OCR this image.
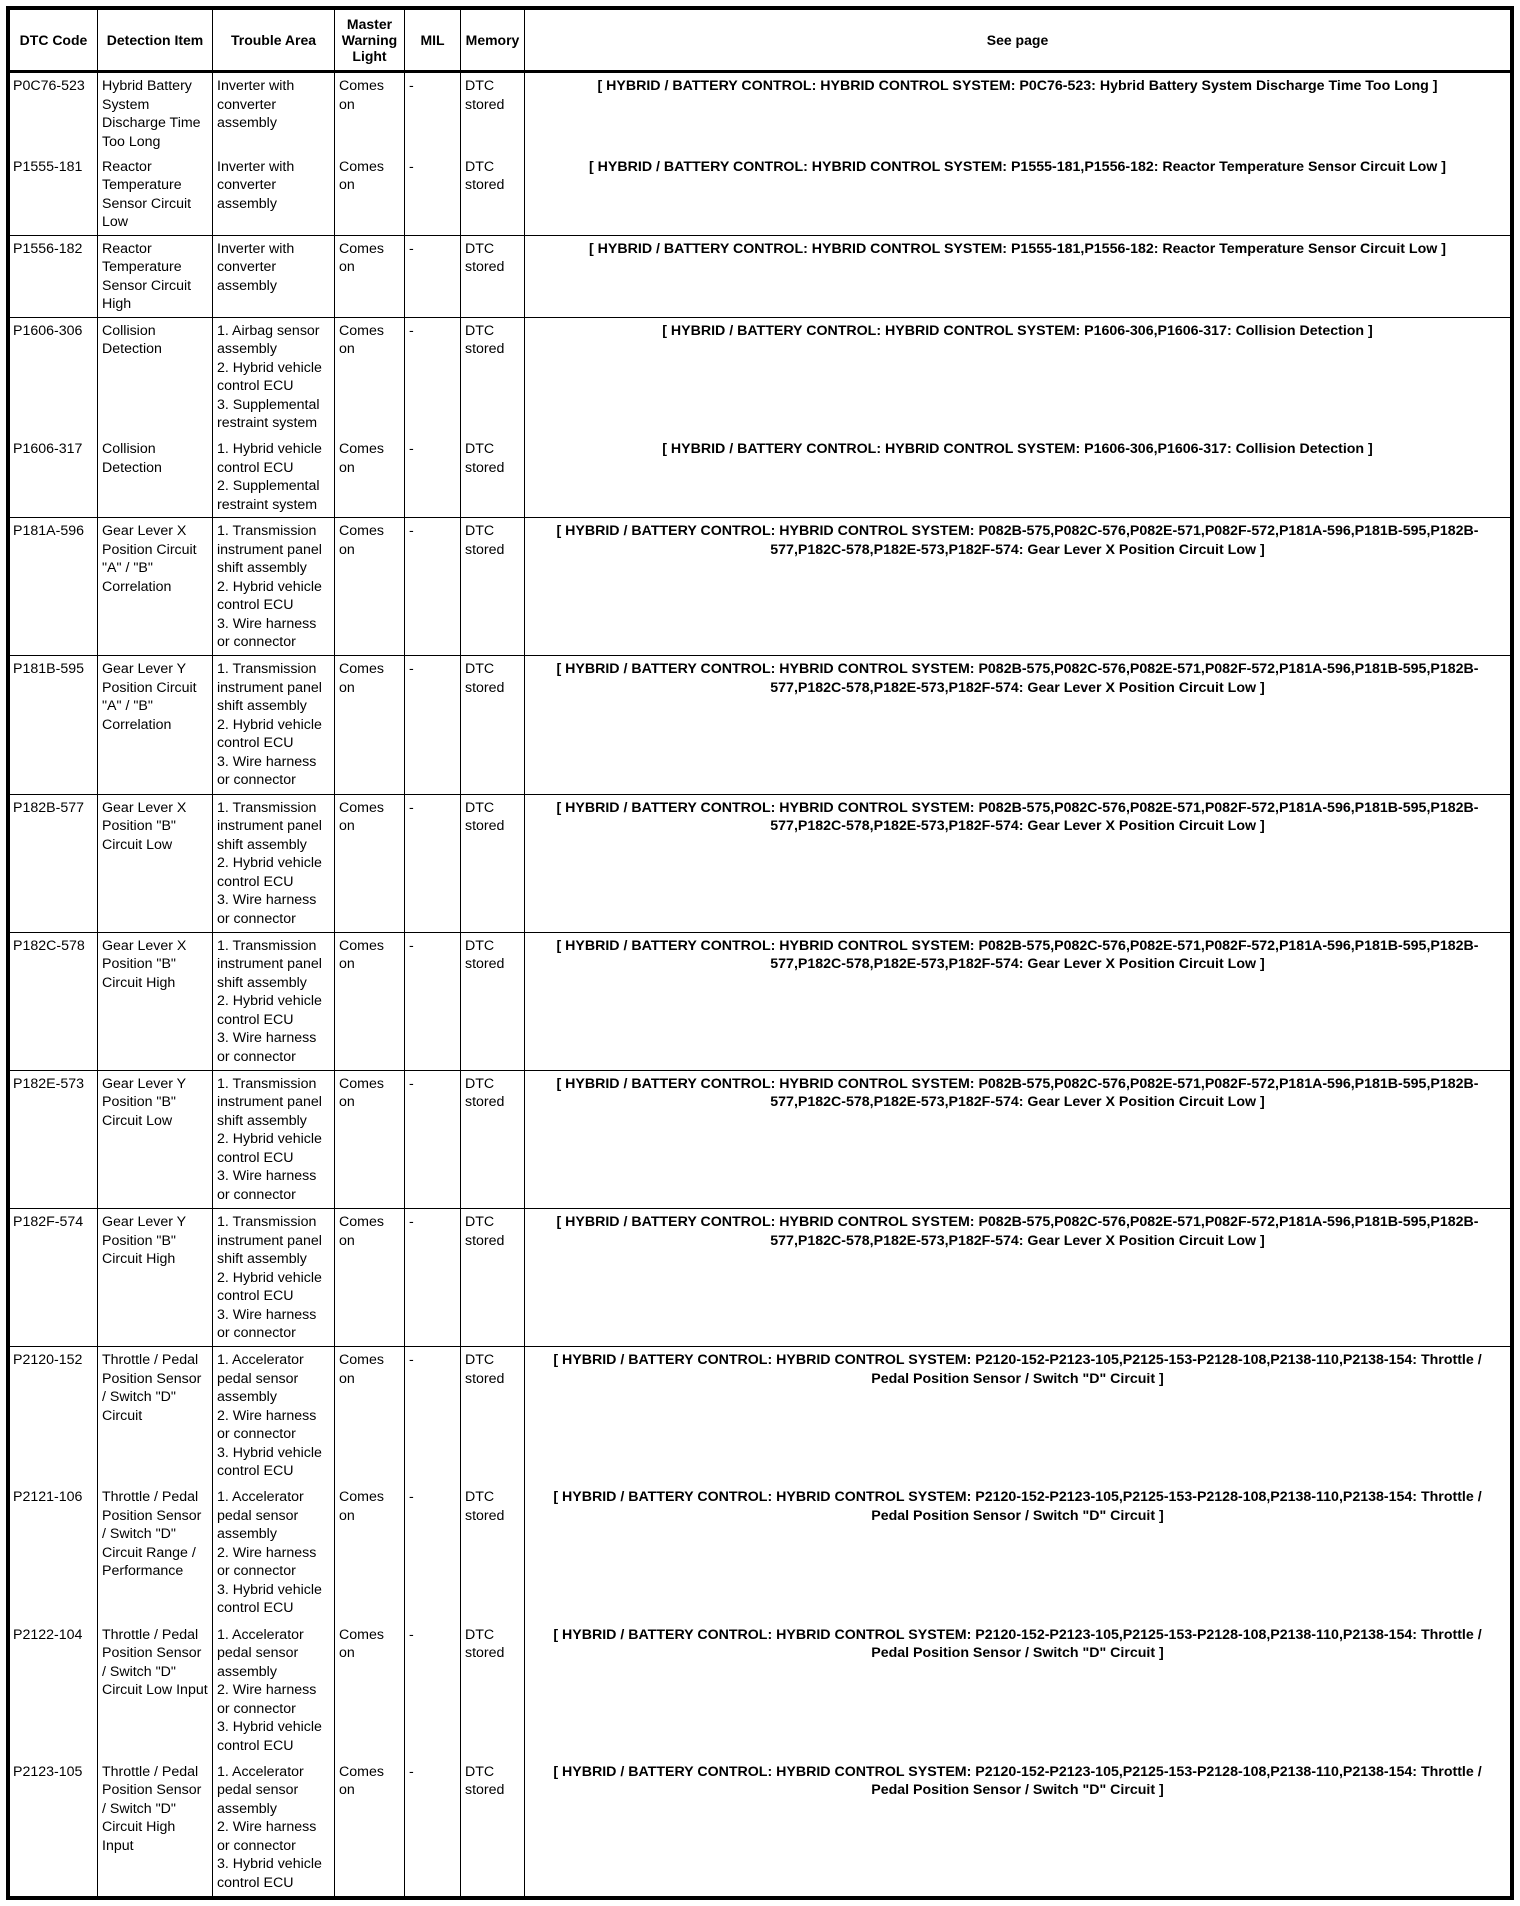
DTC Code	Detection Item	Trouble Area	Master Warning Light	MIL	Memory	See page
P0C76-523	Hybrid Battery System Discharge Time Too Long	Inverter with converter assembly	Comes on	-	DTC stored	[ HYBRID / BATTERY CONTROL: HYBRID CONTROL SYSTEM: P0C76-523: Hybrid Battery System Discharge Time Too Long ]
P1555-181	Reactor Temperature Sensor Circuit Low	Inverter with converter assembly	Comes on	-	DTC stored	[ HYBRID / BATTERY CONTROL: HYBRID CONTROL SYSTEM: P1555-181,P1556-182: Reactor Temperature Sensor Circuit Low ]
P1556-182	Reactor Temperature Sensor Circuit High	Inverter with converter assembly	Comes on	-	DTC stored	[ HYBRID / BATTERY CONTROL: HYBRID CONTROL SYSTEM: P1555-181,P1556-182: Reactor Temperature Sensor Circuit Low ]
P1606-306	Collision Detection	1. Airbag sensor assembly
2. Hybrid vehicle control ECU
3. Supplemental restraint system	Comes on	-	DTC stored	[ HYBRID / BATTERY CONTROL: HYBRID CONTROL SYSTEM: P1606-306,P1606-317: Collision Detection ]
P1606-317	Collision Detection	1. Hybrid vehicle control ECU
2. Supplemental restraint system	Comes on	-	DTC stored	[ HYBRID / BATTERY CONTROL: HYBRID CONTROL SYSTEM: P1606-306,P1606-317: Collision Detection ]
P181A-596	Gear Lever X Position Circuit "A" / "B" Correlation	1. Transmission instrument panel shift assembly
2. Hybrid vehicle control ECU
3. Wire harness or connector	Comes on	-	DTC stored	[ HYBRID / BATTERY CONTROL: HYBRID CONTROL SYSTEM: P082B-575,P082C-576,P082E-571,P082F-572,P181A-596,P181B-595,P182B-577,P182C-578,P182E-573,P182F-574: Gear Lever X Position Circuit Low ]
P181B-595	Gear Lever Y Position Circuit "A" / "B" Correlation	1. Transmission instrument panel shift assembly
2. Hybrid vehicle control ECU
3. Wire harness or connector	Comes on	-	DTC stored	[ HYBRID / BATTERY CONTROL: HYBRID CONTROL SYSTEM: P082B-575,P082C-576,P082E-571,P082F-572,P181A-596,P181B-595,P182B-577,P182C-578,P182E-573,P182F-574: Gear Lever X Position Circuit Low ]
P182B-577	Gear Lever X Position "B" Circuit Low	1. Transmission instrument panel shift assembly
2. Hybrid vehicle control ECU
3. Wire harness or connector	Comes on	-	DTC stored	[ HYBRID / BATTERY CONTROL: HYBRID CONTROL SYSTEM: P082B-575,P082C-576,P082E-571,P082F-572,P181A-596,P181B-595,P182B-577,P182C-578,P182E-573,P182F-574: Gear Lever X Position Circuit Low ]
P182C-578	Gear Lever X Position "B" Circuit High	1. Transmission instrument panel shift assembly
2. Hybrid vehicle control ECU
3. Wire harness or connector	Comes on	-	DTC stored	[ HYBRID / BATTERY CONTROL: HYBRID CONTROL SYSTEM: P082B-575,P082C-576,P082E-571,P082F-572,P181A-596,P181B-595,P182B-577,P182C-578,P182E-573,P182F-574: Gear Lever X Position Circuit Low ]
P182E-573	Gear Lever Y Position "B" Circuit Low	1. Transmission instrument panel shift assembly
2. Hybrid vehicle control ECU
3. Wire harness or connector	Comes on	-	DTC stored	[ HYBRID / BATTERY CONTROL: HYBRID CONTROL SYSTEM: P082B-575,P082C-576,P082E-571,P082F-572,P181A-596,P181B-595,P182B-577,P182C-578,P182E-573,P182F-574: Gear Lever X Position Circuit Low ]
P182F-574	Gear Lever Y Position "B" Circuit High	1. Transmission instrument panel shift assembly
2. Hybrid vehicle control ECU
3. Wire harness or connector	Comes on	-	DTC stored	[ HYBRID / BATTERY CONTROL: HYBRID CONTROL SYSTEM: P082B-575,P082C-576,P082E-571,P082F-572,P181A-596,P181B-595,P182B-577,P182C-578,P182E-573,P182F-574: Gear Lever X Position Circuit Low ]
P2120-152	Throttle / Pedal Position Sensor / Switch "D" Circuit	1. Accelerator pedal sensor assembly
2. Wire harness or connector
3. Hybrid vehicle control ECU	Comes on	-	DTC stored	[ HYBRID / BATTERY CONTROL: HYBRID CONTROL SYSTEM: P2120-152-P2123-105,P2125-153-P2128-108,P2138-110,P2138-154: Throttle / Pedal Position Sensor / Switch "D" Circuit ]
P2121-106	Throttle / Pedal Position Sensor / Switch "D" Circuit Range / Performance	1. Accelerator pedal sensor assembly
2. Wire harness or connector
3. Hybrid vehicle control ECU	Comes on	-	DTC stored	[ HYBRID / BATTERY CONTROL: HYBRID CONTROL SYSTEM: P2120-152-P2123-105,P2125-153-P2128-108,P2138-110,P2138-154: Throttle / Pedal Position Sensor / Switch "D" Circuit ]
P2122-104	Throttle / Pedal Position Sensor / Switch "D" Circuit Low Input	1. Accelerator pedal sensor assembly
2. Wire harness or connector
3. Hybrid vehicle control ECU	Comes on	-	DTC stored	[ HYBRID / BATTERY CONTROL: HYBRID CONTROL SYSTEM: P2120-152-P2123-105,P2125-153-P2128-108,P2138-110,P2138-154: Throttle / Pedal Position Sensor / Switch "D" Circuit ]
P2123-105	Throttle / Pedal Position Sensor / Switch "D" Circuit High Input	1. Accelerator pedal sensor assembly
2. Wire harness or connector
3. Hybrid vehicle control ECU	Comes on	-	DTC stored	[ HYBRID / BATTERY CONTROL: HYBRID CONTROL SYSTEM: P2120-152-P2123-105,P2125-153-P2128-108,P2138-110,P2138-154: Throttle / Pedal Position Sensor / Switch "D" Circuit ]
